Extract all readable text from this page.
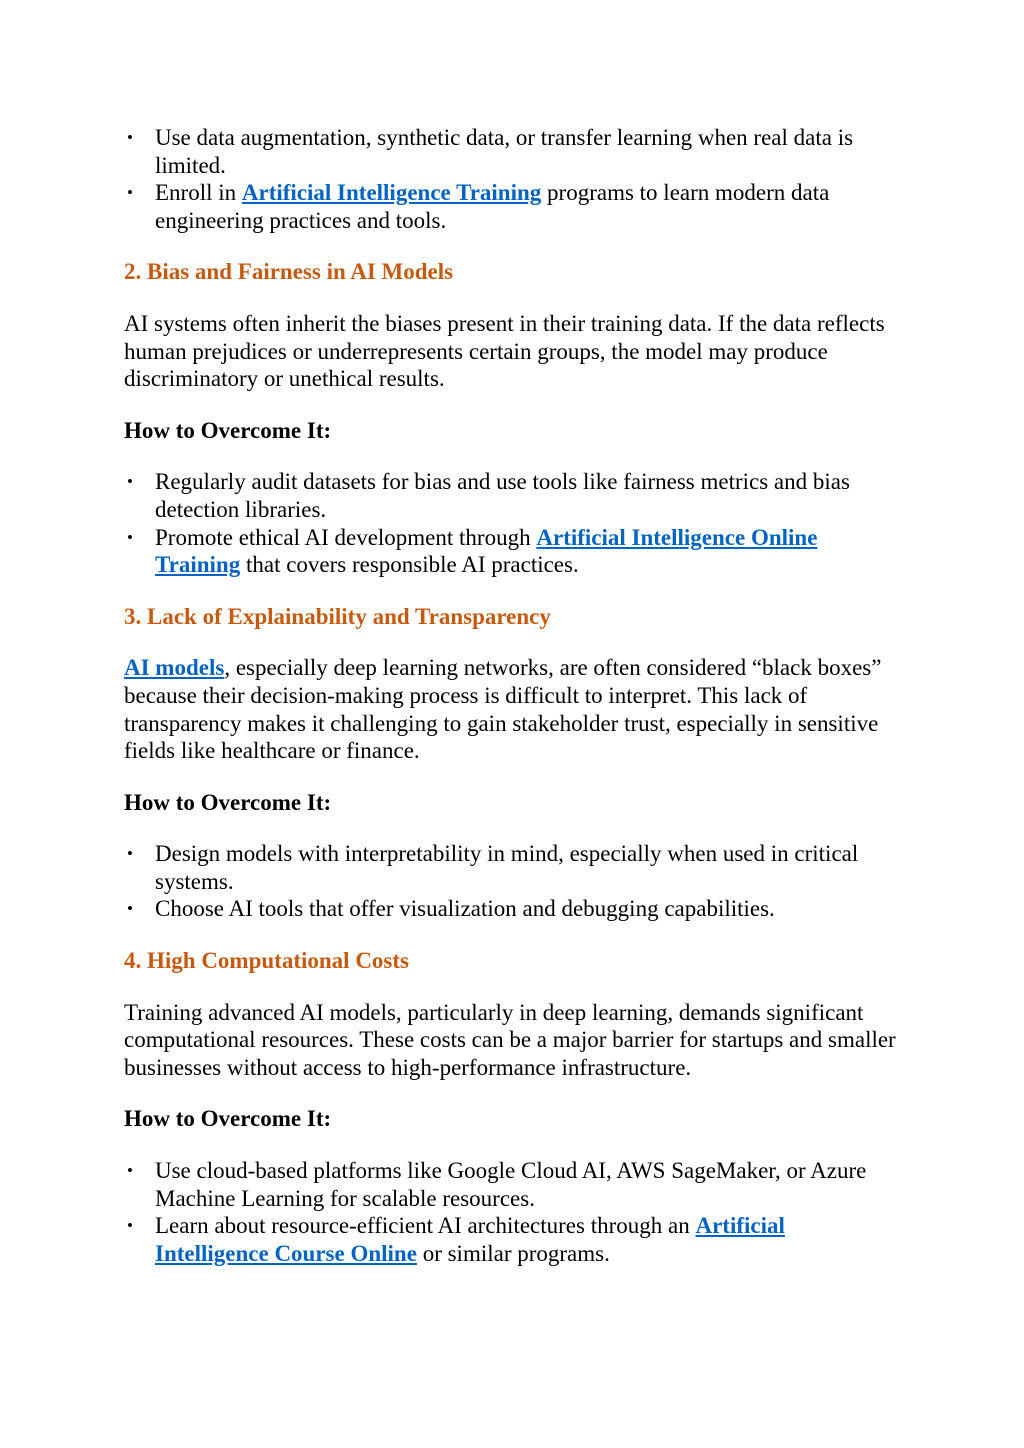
• Use data augmentation, synthetic data, or transfer learning when real data is limited.
• Enroll in Artificial Intelligence Training programs to learn modern data engineering practices and tools.
2. Bias and Fairness in AI Models

AI systems often inherit the biases present in their training data. If the data reflects human prejudices or underrepresents certain groups, the model may produce discriminatory or unethical results.

How to Overcome It:
• Regularly audit datasets for bias and use tools like fairness metrics and bias detection libraries.
• Promote ethical AI development through Artificial Intelligence Online Training that covers responsible AI practices.
3. Lack of Explainability and Transparency

AI models, especially deep learning networks, are often considered “black boxes” because their decision-making process is difficult to interpret. This lack of transparency makes it challenging to gain stakeholder trust, especially in sensitive fields like healthcare or finance.

How to Overcome It:
• Design models with interpretability in mind, especially when used in critical systems.
• Choose AI tools that offer visualization and debugging capabilities.
4. High Computational Costs

Training advanced AI models, particularly in deep learning, demands significant computational resources. These costs can be a major barrier for startups and smaller businesses without access to high-performance infrastructure.

How to Overcome It:
• Use cloud-based platforms like Google Cloud AI, AWS SageMaker, or Azure Machine Learning for scalable resources.
• Learn about resource-efficient AI architectures through an Artificial Intelligence Course Online or similar programs.
